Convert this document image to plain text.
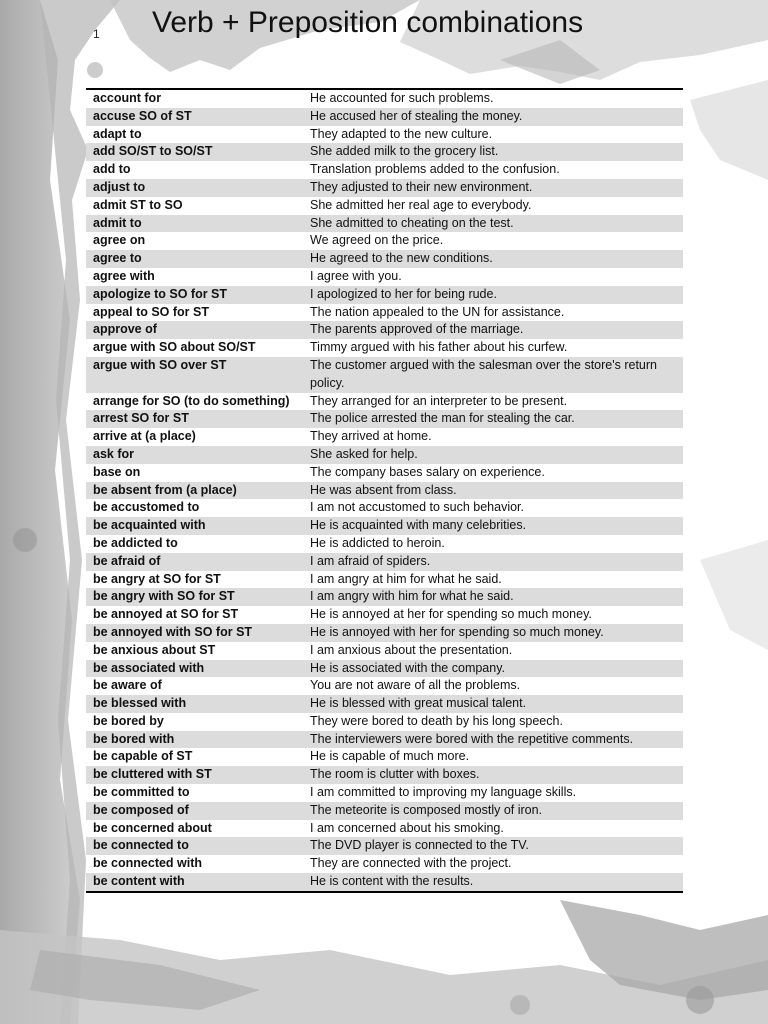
1 Verb + Preposition combinations
account for	He accounted for such problems.
accuse SO of ST	He accused her of stealing the money.
adapt to	They adapted to the new culture.
add SO/ST to SO/ST	She added milk to the grocery list.
add to	Translation problems added to the confusion.
adjust to	They adjusted to their new environment.
admit ST to SO	She admitted her real age to everybody.
admit to	She admitted to cheating on the test.
agree on	We agreed on the price.
agree to	He agreed to the new conditions.
agree with	I agree with you.
apologize to SO for ST	I apologized to her for being rude.
appeal to SO for ST	The nation appealed to the UN for assistance.
approve of	The parents approved of the marriage.
argue with SO about SO/ST	Timmy argued with his father about his curfew.
argue with SO over ST	The customer argued with the salesman over the store's return policy.
arrange for SO (to do something)	They arranged for an interpreter to be present.
arrest SO for ST	The police arrested the man for stealing the car.
arrive at (a place)	They arrived at home.
ask for	She asked for help.
base on	The company bases salary on experience.
be absent from (a place)	He was absent from class.
be accustomed to	I am not accustomed to such behavior.
be acquainted with	He is acquainted with many celebrities.
be addicted to	He is addicted to heroin.
be afraid of	I am afraid of spiders.
be angry at SO for ST	I am angry at him for what he said.
be angry with SO for ST	I am angry with him for what he said.
be annoyed at SO for ST	He is annoyed at her for spending so much money.
be annoyed with SO for ST	He is annoyed with her for spending so much money.
be anxious about ST	I am anxious about the presentation.
be associated with	He is associated with the company.
be aware of	You are not aware of all the problems.
be blessed with	He is blessed with great musical talent.
be bored by	They were bored to death by his long speech.
be bored with	The interviewers were bored with the repetitive comments.
be capable of ST	He is capable of much more.
be cluttered with ST	The room is clutter with boxes.
be committed to	I am committed to improving my language skills.
be composed of	The meteorite is composed mostly of iron.
be concerned about	I am concerned about his smoking.
be connected to	The DVD player is connected to the TV.
be connected with	They are connected with the project.
be content with	He is content with the results.
